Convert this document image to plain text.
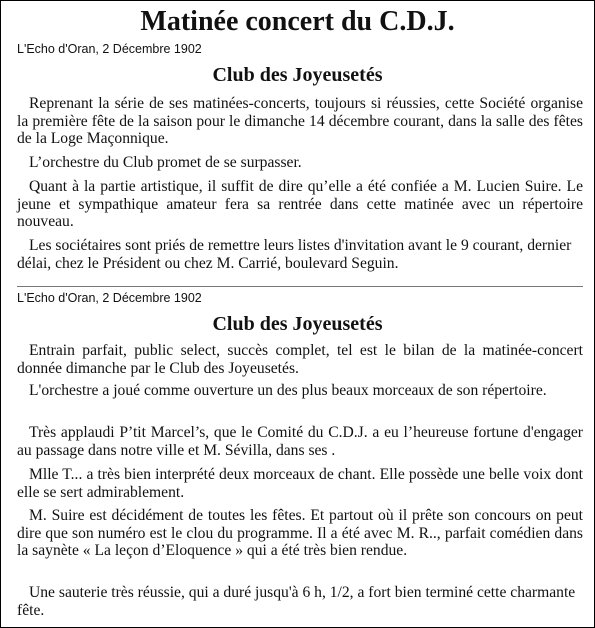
Matinée concert du C.D.J.
L'Echo d'Oran, 2 Décembre 1902
Club des Joyeusetés

Reprenant la série de ses matinées-concerts, toujours si réussies, cette Société organise la première fête de la saison pour le dimanche 14 décembre courant, dans la salle des fêtes de la Loge Maçonnique.

L’orchestre du Club promet de se surpasser.

Quant à la partie artistique, il suffit de dire qu’elle a été confiée a M. Lucien Suire. Le jeune et sympathique amateur fera sa rentrée dans cette matinée avec un répertoire nouveau.

Les sociétaires sont priés de remettre leurs listes d'invitation avant le 9 courant, dernier délai, chez le Président ou chez M. Carrié, boulevard Seguin.

L'Echo d'Oran, 2 Décembre 1902
Club des Joyeusetés

Entrain parfait, public select, succès complet, tel est le bilan de la matinée-concert donnée dimanche par le Club des Joyeusetés.

L'orchestre a joué comme ouverture un des plus beaux morceaux de son répertoire.

Très applaudi P’tit Marcel’s, que le Comité du C.D.J. a eu l’heureuse fortune d'engager au passage dans notre ville et M. Sévilla, dans ses .

Mlle T... a très bien interprété deux morceaux de chant. Elle possède une belle voix dont elle se sert admirablement.

M. Suire est décidément de toutes les fêtes. Et partout où il prête son concours on peut dire que son numéro est le clou du programme. Il a été avec M. R.., parfait comédien dans la saynète « La leçon d’Eloquence » qui a été très bien rendue.

Une sauterie très réussie, qui a duré jusqu'à 6 h, 1/2, a fort bien terminé cette charmante fête.
